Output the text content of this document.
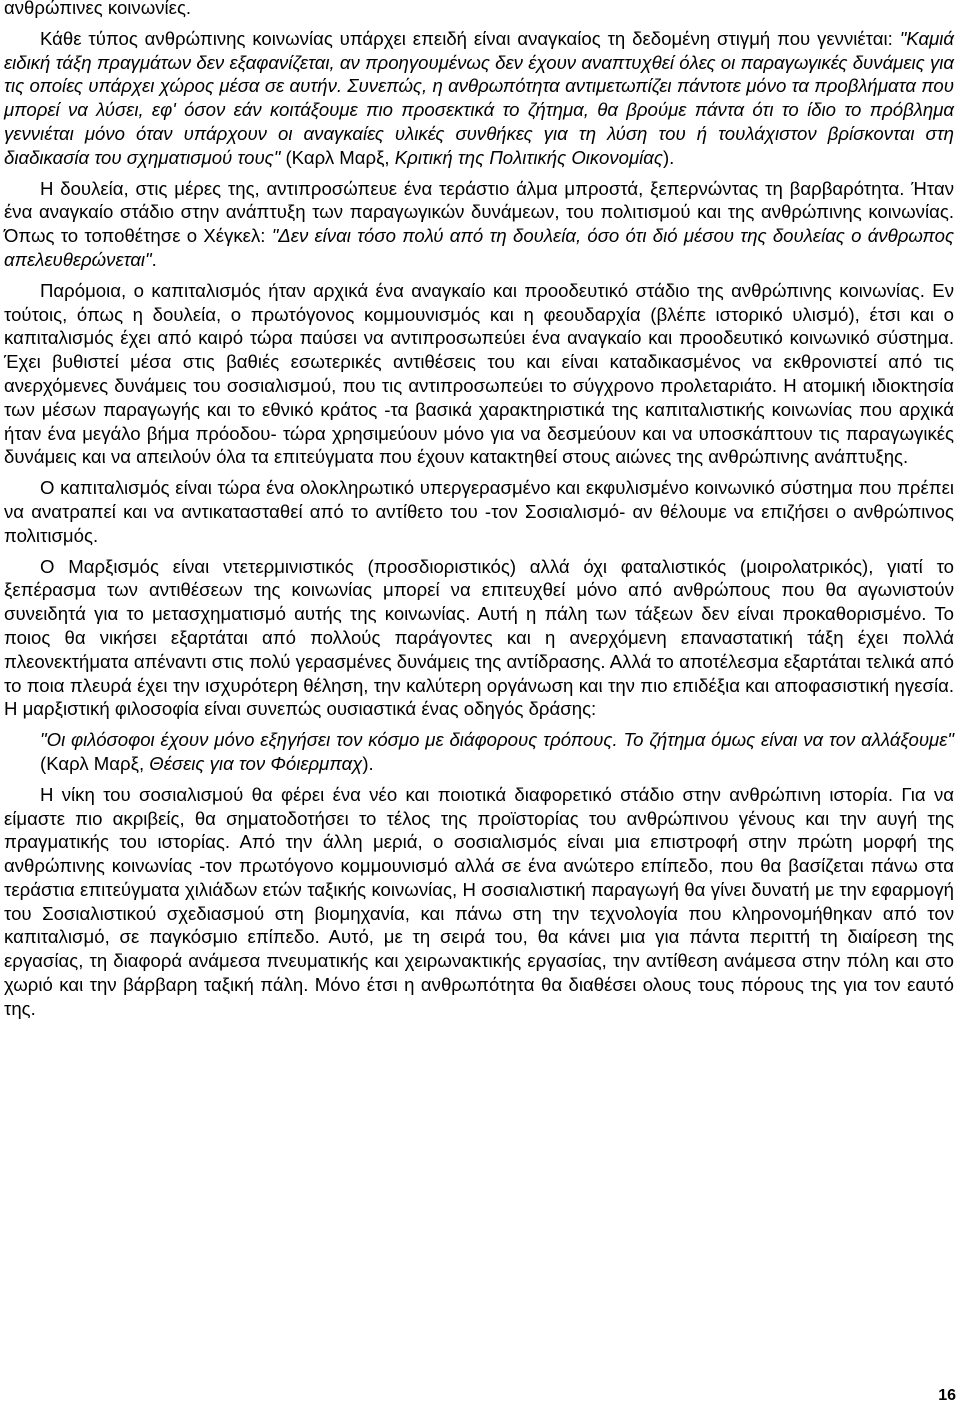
ανθρώπινες κοινωνίες.

Κάθε τύπος ανθρώπινης κοινωνίας υπάρχει επειδή είναι αναγκαίος τη δεδομένη στιγμή που γεννιέται: "Καμιά ειδική τάξη πραγμάτων δεν εξαφανίζεται, αν προηγουμένως δεν έχουν αναπτυχθεί όλες οι παραγωγικές δυνάμεις για τις οποίες υπάρχει χώρος μέσα σε αυτήν. Συνεπώς, η ανθρωπότητα αντιμετωπίζει πάντοτε μόνο τα προβλήματα που μπορεί να λύσει, εφ' όσον εάν κοιτάξουμε πιο προσεκτικά το ζήτημα, θα βρούμε πάντα ότι το ίδιο το πρόβλημα γεννιέται μόνο όταν υπάρχουν οι αναγκαίες υλικές συνθήκες για τη λύση του ή τουλάχιστον βρίσκονται στη διαδικασία του σχηματισμού τους" (Καρλ Μαρξ, Κριτική της Πολιτικής Οικονομίας).

Η δουλεία, στις μέρες της, αντιπροσώπευε ένα τεράστιο άλμα μπροστά, ξεπερνώντας τη βαρβαρότητα. Ήταν ένα αναγκαίο στάδιο στην ανάπτυξη των παραγωγικών δυνάμεων, του πολιτισμού και της ανθρώπινης κοινωνίας. Όπως το τοποθέτησε ο Χέγκελ: "Δεν είναι τόσο πολύ από τη δουλεία, όσο ότι διό μέσου της δουλείας ο άνθρωπος απελευθερώνεται".

Παρόμοια, ο καπιταλισμός ήταν αρχικά ένα αναγκαίο και προοδευτικό στάδιο της ανθρώπινης κοινωνίας. Εν τούτοις, όπως η δουλεία, ο πρωτόγονος κομμουνισμός και η φεουδαρχία (βλέπε ιστορικό υλισμό), έτσι και ο καπιταλισμός έχει από καιρό τώρα παύσει να αντιπροσωπεύει ένα αναγκαίο και προοδευτικό κοινωνικό σύστημα. Έχει βυθιστεί μέσα στις βαθιές εσωτερικές αντιθέσεις του και είναι καταδικασμένος να εκθρονιστεί από τις ανερχόμενες δυνάμεις του σοσιαλισμού, που τις αντιπροσωπεύει το σύγχρονο προλεταριάτο. Η ατομική ιδιοκτησία των μέσων παραγωγής και το εθνικό κράτος -τα βασικά χαρακτηριστικά της καπιταλιστικής κοινωνίας που αρχικά ήταν ένα μεγάλο βήμα πρόοδου- τώρα χρησιμεύουν μόνο για να δεσμεύουν και να υποσκάπτουν τις παραγωγικές δυνάμεις και να απειλούν όλα τα επιτεύγματα που έχουν κατακτηθεί στους αιώνες της ανθρώπινης ανάπτυξης.

Ο καπιταλισμός είναι τώρα ένα ολοκληρωτικό υπεργερασμένο και εκφυλισμένο κοινωνικό σύστημα που πρέπει να ανατραπεί και να αντικατασταθεί από το αντίθετο του -τον Σοσιαλισμό- αν θέλουμε να επιζήσει ο ανθρώπινος πολιτισμός.

Ο Μαρξισμός είναι ντετερμινιστικός (προσδιοριστικός) αλλά όχι φαταλιστικός (μοιρολατρικός), γιατί το ξεπέρασμα των αντιθέσεων της κοινωνίας μπορεί να επιτευχθεί μόνο από ανθρώπους που θα αγωνιστούν συνειδητά για το μετασχηματισμό αυτής της κοινωνίας. Αυτή η πάλη των τάξεων δεν είναι προκαθορισμένο. Το ποιος θα νικήσει εξαρτάται από πολλούς παράγοντες και η ανερχόμενη επαναστατική τάξη έχει πολλά πλεονεκτήματα απέναντι στις πολύ γερασμένες δυνάμεις της αντίδρασης. Αλλά το αποτέλεσμα εξαρτάται τελικά από το ποια πλευρά έχει την ισχυρότερη θέληση, την καλύτερη οργάνωση και την πιο επιδέξια και αποφασιστική ηγεσία. Η μαρξιστική φιλοσοφία είναι συνεπώς ουσιαστικά ένας οδηγός δράσης:

"Οι φιλόσοφοι έχουν μόνο εξηγήσει τον κόσμο με διάφορους τρόπους. Το ζήτημα όμως είναι να τον αλλάξουμε" (Καρλ Μαρξ, Θέσεις για τον Φόιερμπαχ).

Η νίκη του σοσιαλισμού θα φέρει ένα νέο και ποιοτικά διαφορετικό στάδιο στην ανθρώπινη ιστορία. Για να είμαστε πιο ακριβείς, θα σηματοδοτήσει το τέλος της προϊστορίας του ανθρώπινου γένους και την αυγή της πραγματικής του ιστορίας. Από την άλλη μεριά, ο σοσιαλισμός είναι μια επιστροφή στην πρώτη μορφή της ανθρώπινης κοινωνίας -τον πρωτόγονο κομμουνισμό αλλά σε ένα ανώτερο επίπεδο, που θα βασίζεται πάνω στα τεράστια επιτεύγματα χιλιάδων ετών ταξικής κοινωνίας, Η σοσιαλιστική παραγωγή θα γίνει δυνατή με την εφαρμογή του Σοσιαλιστικού σχεδιασμού στη βιομηχανία, και πάνω στη την τεχνολογία που κληρονομήθηκαν από τον καπιταλισμό, σε παγκόσμιο επίπεδο. Αυτό, με τη σειρά του, θα κάνει μια για πάντα περιττή τη διαίρεση της εργασίας, τη διαφορά ανάμεσα πνευματικής και χειρωνακτικής εργασίας, την αντίθεση ανάμεσα στην πόλη και στο χωριό και την βάρβαρη ταξική πάλη. Μόνο έτσι η ανθρωπότητα θα διαθέσει ολους τους πόρους της για τον εαυτό της.

16
